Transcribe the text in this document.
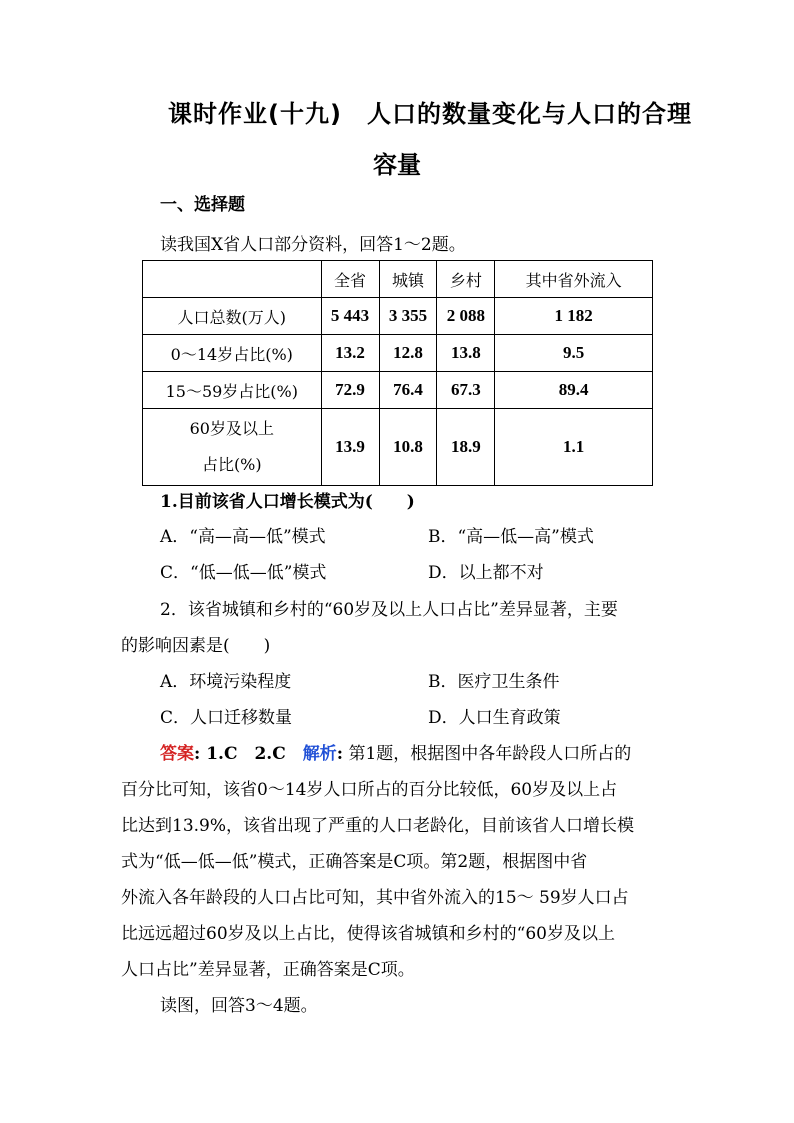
课时作业(十九)　人口的数量变化与人口的合理
容量
一、选择题
读我国X省人口部分资料，回答1～2题。
	全省	城镇	乡村	其中省外流入
人口总数(万人)	5 443	3 355	2 088	1 182
0～14岁占比(%)	13.2	12.8	13.8	9.5
15～59岁占比(%)	72.9	76.4	67.3	89.4

60岁及以上
占比(%)	13.9	10.8	18.9	1.1
1.目前该省人口增长模式为(　　)
A．“高—高—低”模式	B．“高—低—高”模式
C．“低—低—低”模式	D．以上都不对
2．该省城镇和乡村的“60岁及以上人口占比”差异显著，主要
的影响因素是(　　)
A．环境污染程度	B．医疗卫生条件
C．人口迁移数量	D．人口生育政策
答案: 1.C　2.C　解析: 第1题，根据图中各年龄段人口所占的
百分比可知，该省0～14岁人口所占的百分比较低，60岁及以上占
比达到13.9%，该省出现了严重的人口老龄化，目前该省人口增长模
式为“低—低—低”模式，正确答案是C项。第2题，根据图中省
外流入各年龄段的人口占比可知，其中省外流入的15～ 59岁人口占
比远远超过60岁及以上占比，使得该省城镇和乡村的“60岁及以上
人口占比”差异显著，正确答案是C项。
读图，回答3～4题。
